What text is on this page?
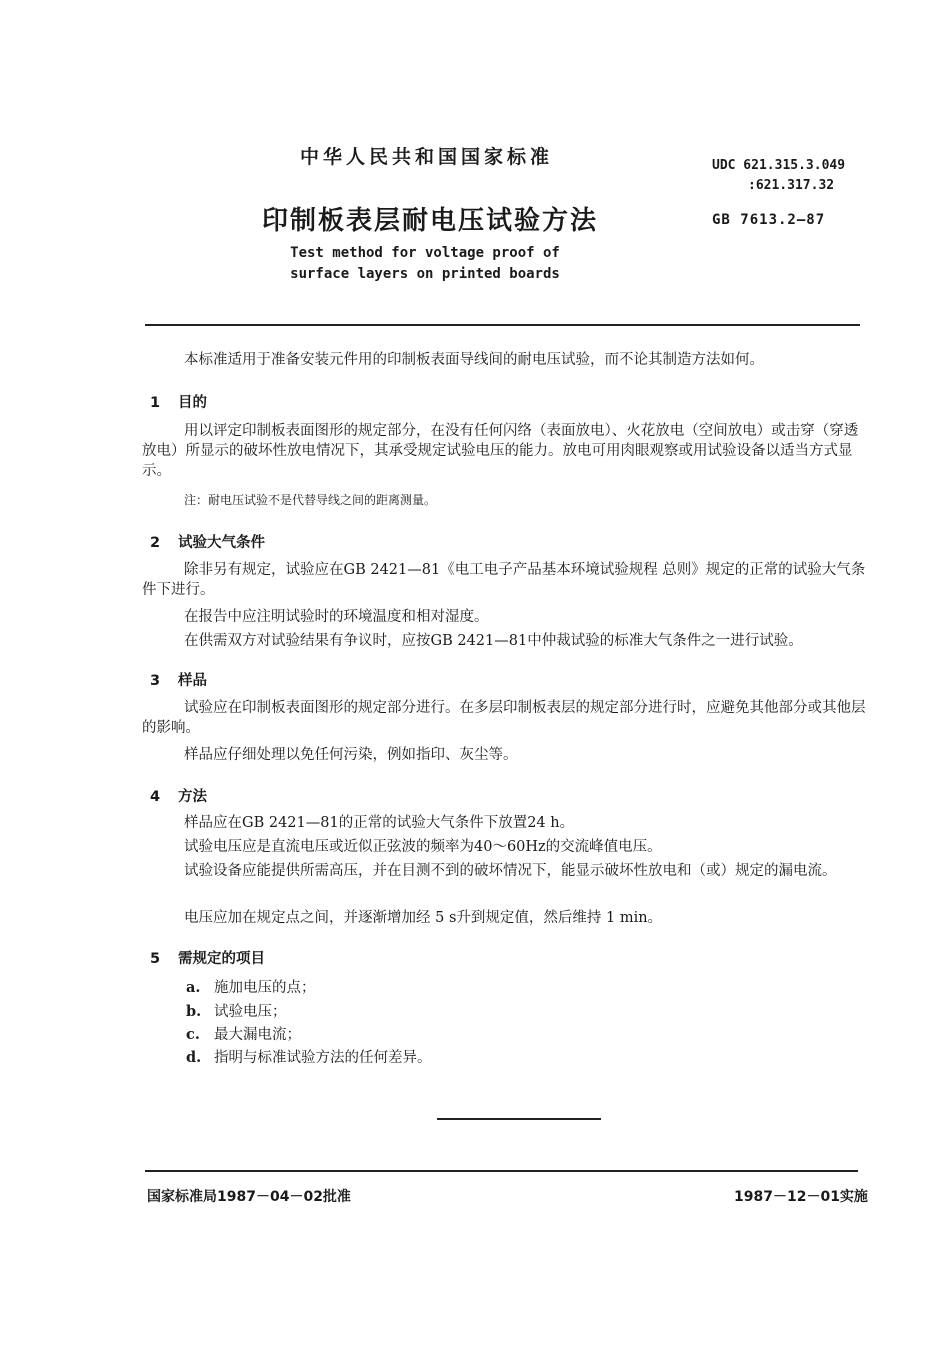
中华人民共和国国家标准	UDC 621.315.3.049
:621.317.32
印制板表层耐电压试验方法	GB 7613.2—87
Test method for voltage proof of
surface layers on printed boards
本标准适用于准备安装元件用的印制板表面导线间的耐电压试验，而不论其制造方法如何。
1 目的
用以评定印制板表面图形的规定部分，在没有任何闪络（表面放电）、火花放电（空间放电）或击穿（穿透放电）所显示的破坏性放电情况下，其承受规定试验电压的能力。放电可用肉眼观察或用试验设备以适当方式显示。
注：耐电压试验不是代替导线之间的距离测量。
2 试验大气条件
除非另有规定，试验应在GB 2421—81《电工电子产品基本环境试验规程 总则》规定的正常的试验大气条件下进行。
在报告中应注明试验时的环境温度和相对湿度。
在供需双方对试验结果有争议时，应按GB 2421—81中仲裁试验的标准大气条件之一进行试验。
3 样品
试验应在印制板表面图形的规定部分进行。在多层印制板表层的规定部分进行时，应避免其他部分或其他层的影响。
样品应仔细处理以免任何污染，例如指印、灰尘等。
4 方法
样品应在GB 2421—81的正常的试验大气条件下放置24 h。
试验电压应是直流电压或近似正弦波的频率为40～60Hz的交流峰值电压。
试验设备应能提供所需高压，并在目测不到的破坏情况下，能显示破坏性放电和（或）规定的漏电流。
电压应加在规定点之间，并逐渐增加经 5 s升到规定值，然后维持 1 min。
5 需规定的项目
a. 施加电压的点；
b. 试验电压；
c. 最大漏电流；
d. 指明与标准试验方法的任何差异。
国家标准局1987－04－02批准	1987－12－01实施
